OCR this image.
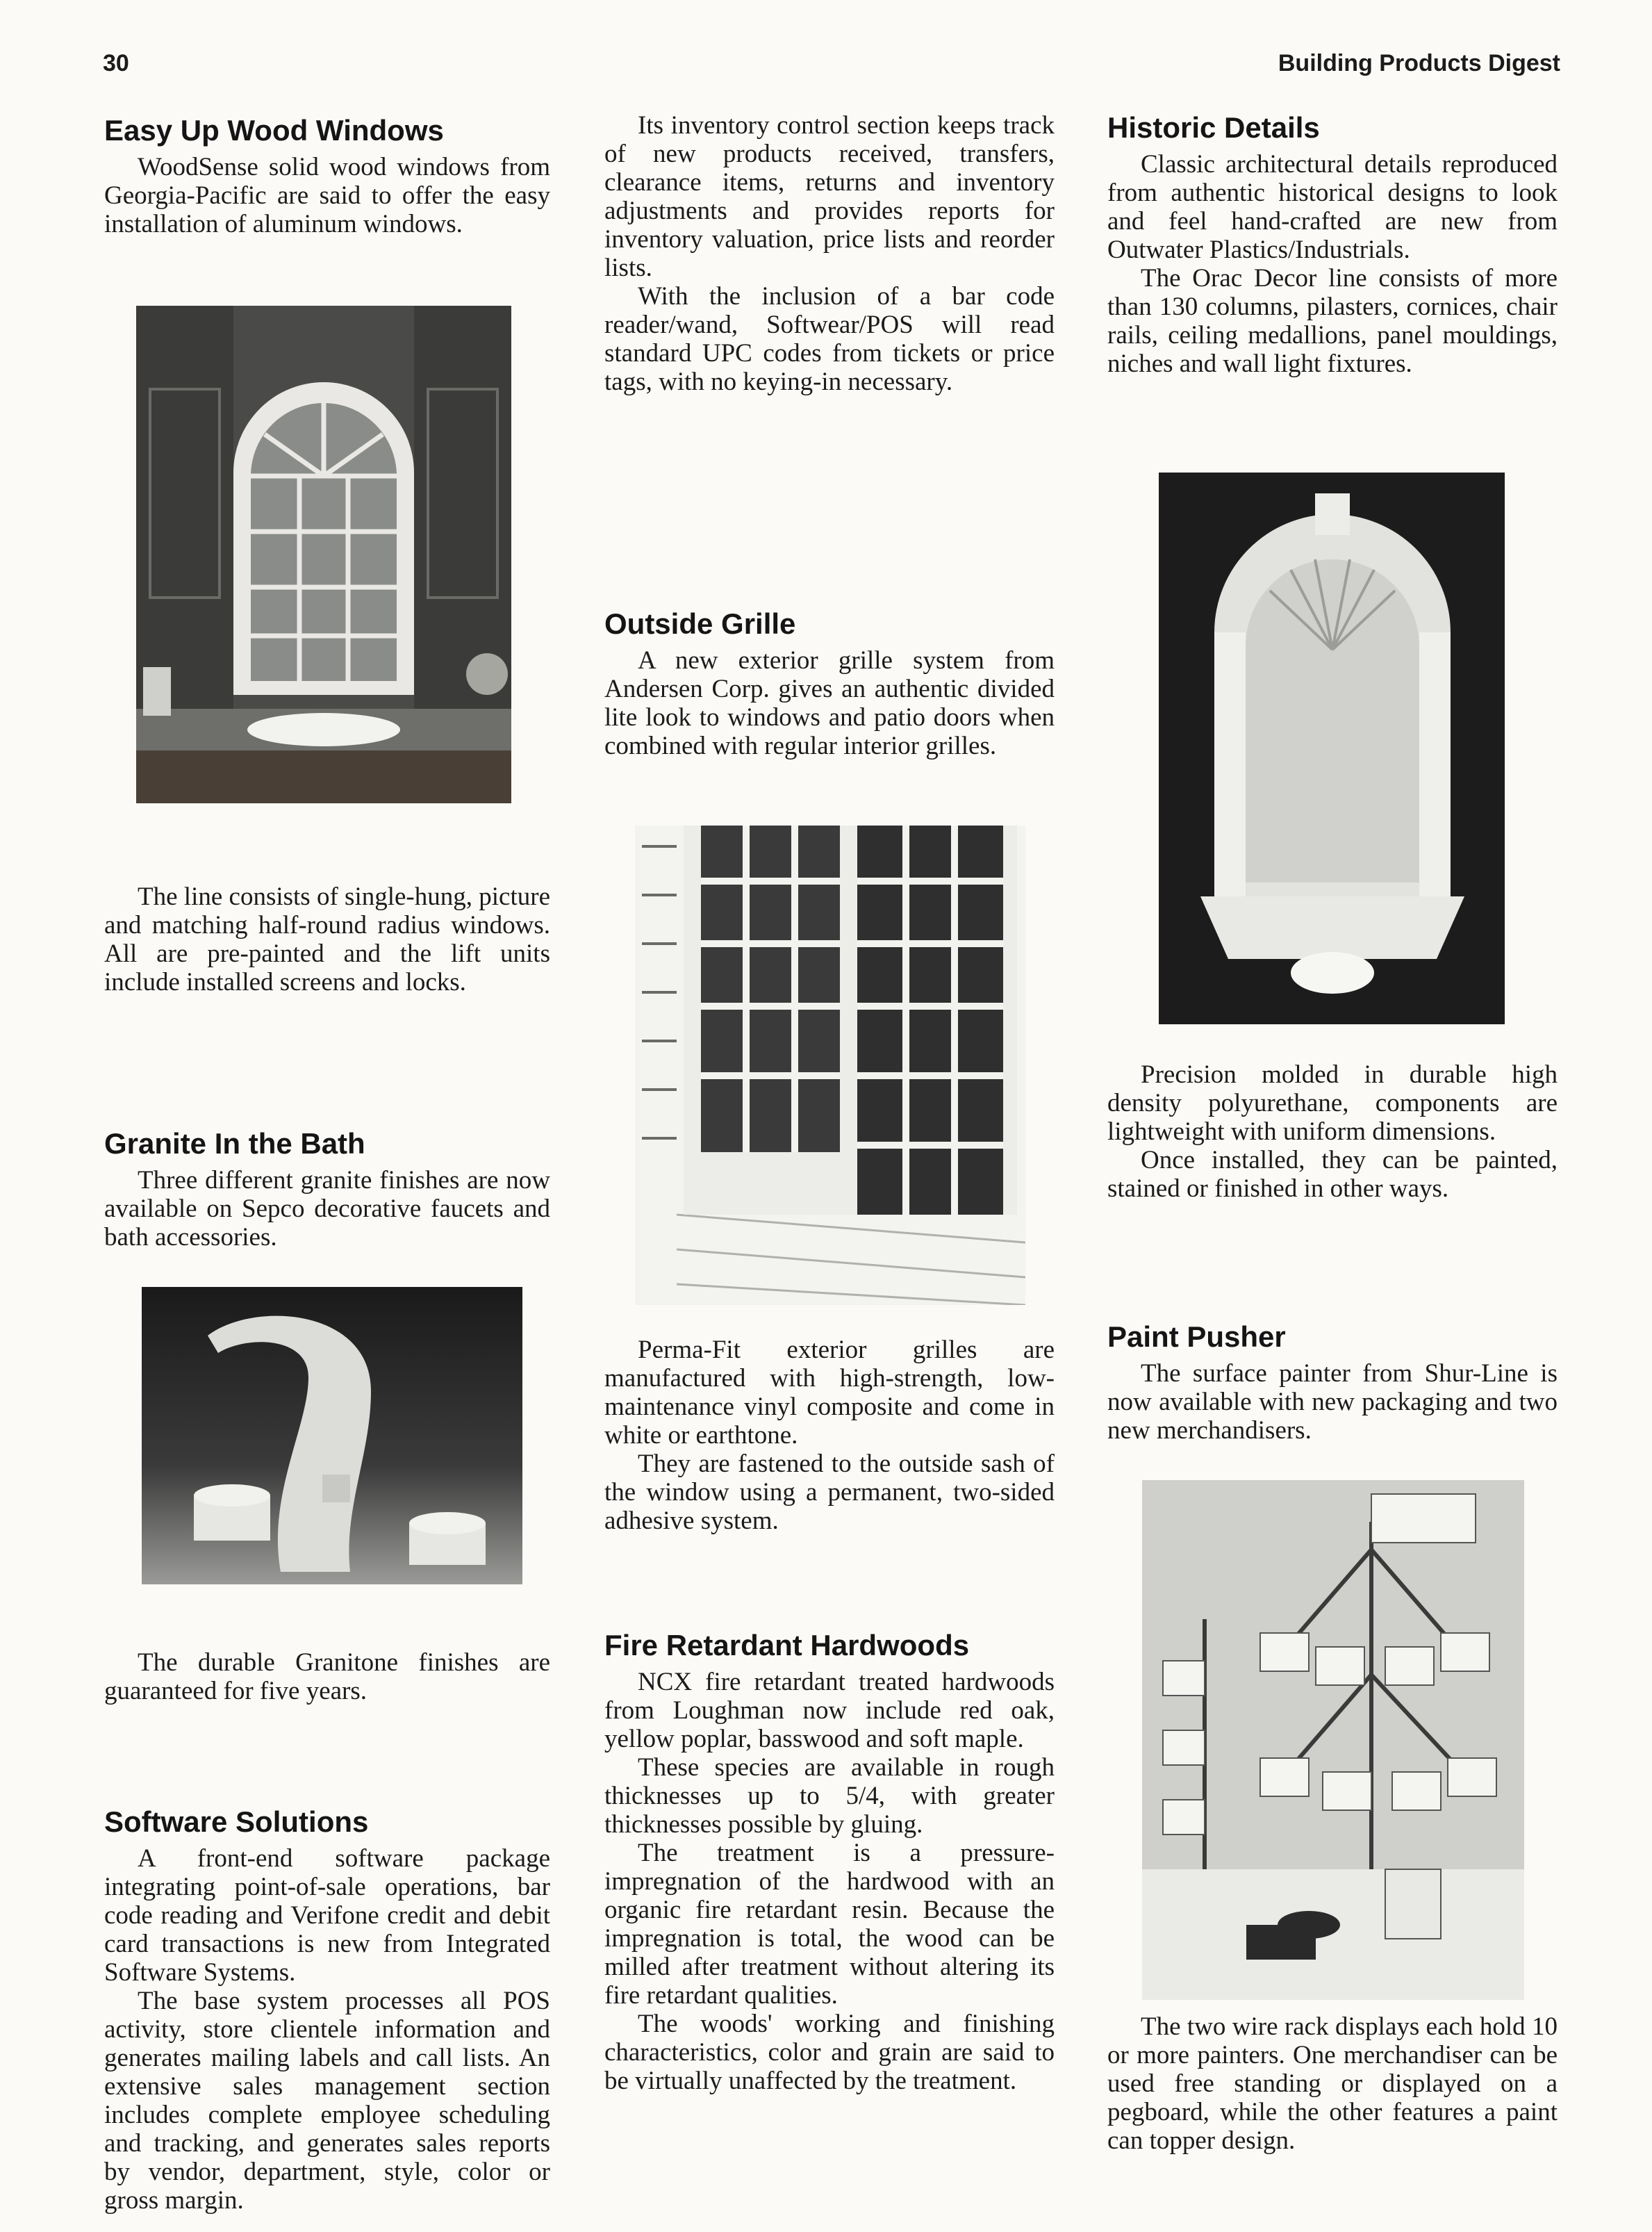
30	Building Products Digest
Easy Up Wood Windows

WoodSense solid wood windows from Georgia-Pacific are said to offer the easy installation of aluminum windows.

The line consists of single-hung, picture and matching half-round radius windows. All are pre-painted and the lift units include installed screens and locks.

Granite In the Bath

Three different granite finishes are now available on Sepco decorative faucets and bath accessories.

The durable Granitone finishes are guaranteed for five years.

Software Solutions

A front-end software package integrating point-of-sale operations, bar code reading and Verifone credit and debit card transactions is new from Integrated Software Systems.

The base system processes all POS activity, store clientele information and generates mailing labels and call lists. An extensive sales management section includes complete employee scheduling and tracking, and generates sales reports by vendor, department, style, color or gross margin.

Its inventory control section keeps track of new products received, transfers, clearance items, returns and inventory adjustments and provides reports for inventory valuation, price lists and reorder lists.

With the inclusion of a bar code reader/wand, Softwear/POS will read standard UPC codes from tickets or price tags, with no keying-in necessary.

Outside Grille

A new exterior grille system from Andersen Corp. gives an authentic divided lite look to windows and patio doors when combined with regular interior grilles.

Perma-Fit exterior grilles are manufactured with high-strength, low-maintenance vinyl composite and come in white or earthtone.

They are fastened to the outside sash of the window using a permanent, two-sided adhesive system.

Fire Retardant Hardwoods

NCX fire retardant treated hardwoods from Loughman now include red oak, yellow poplar, basswood and soft maple.

These species are available in rough thicknesses up to 5/4, with greater thicknesses possible by gluing.

The treatment is a pressure-impregnation of the hardwood with an organic fire retardant resin. Because the impregnation is total, the wood can be milled after treatment without altering its fire retardant qualities.

The woods' working and finishing characteristics, color and grain are said to be virtually unaffected by the treatment.

Historic Details

Classic architectural details reproduced from authentic historical designs to look and feel hand-crafted are new from Outwater Plastics/Industrials.

The Orac Decor line consists of more than 130 columns, pilasters, cornices, chair rails, ceiling medallions, panel mouldings, niches and wall light fixtures.

Precision molded in durable high density polyurethane, components are lightweight with uniform dimensions.

Once installed, they can be painted, stained or finished in other ways.

Paint Pusher

The surface painter from Shur-Line is now available with new packaging and two new merchandisers.

The two wire rack displays each hold 10 or more painters. One merchandiser can be used free standing or displayed on a pegboard, while the other features a paint can topper design.
